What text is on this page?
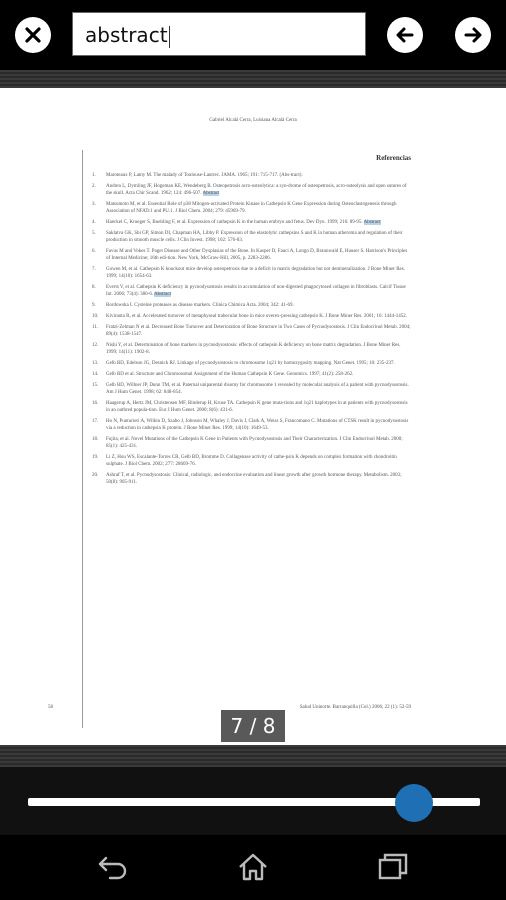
abstract
Gabriel Alcalá Cerra, Luisiana Alcalá Cerra
Referencias
1. Maroteaux P, Lamy M. The malady of Toulouse-Lautrec. JAMA. 1965; 191: 715-717. (Abs-tract).
2. Andren L, Dymling JF, Hogeman KE, Wendeberg B. Osteopetrosis acro-osteolytica: a syn-drome of osteopetrosis, acro-osteolysis and open sutures of the skull. Acta Chir Scand. 1962; 124: 496-507. Abstract
3. Matsumoto M, et al. Essential Role of p38 Mitogen-activated Protein Kinase in Cathepsin K Gene Expression during Osteoclastogenesis through Association of NFATc1 and PU.1. J Biol Chem. 2004; 279: 45969-79.
4. Haeckel C, Krueger S, Buehling F, et al. Expression of cathepsin K in the human embryo and fetus. Dev Dyn. 1999; 216: 89-95. Abstract
5. Saklatva GK, Shi GP, Simon DI, Chapman HA, Libby P. Expression of the elastolytic cathepsins S and K in human atheroma and regulation of their production in smooth muscle cells. J Clin Invest. 1998; 102: 576-83.
6. Favus M and Vokes T. Paget Disease and Other Dysplasias of the Bone. In Kasper D, Fauci A, Longo D, Braunwald E, Hauser S. Harrison's Principles of Internal Medicine; 16th edi-tion. New York, McGraw-Hill, 2005, p. 2283-2286.
7. Gowen M, et al. Cathepsin K knockout mice develop osteopetrosis due to a deficit in matrix degradation but not demineralization. J Bone Miner Res. 1999; 14(10): 1654-63.
8. Everts V, et al. Cathepsin K deficiency in pycnodysostosis results in accumulation of non-digested phagocytosed collagen in fibroblasts. Calcif Tissue Int. 2006; 73(4): 380-6. Abstract
9. Bordowska I. Cysteine proteases as disease markers. Clinica Chimica Acta. 2004; 342: 41-69.
10. Kiviranta R, et al. Accelerated turnover of metaphyseal trabecular bone in mice overex-pressing cathepsin K. J Bone Miner Res. 2001; 16: 1444-1452.
11. Fratzl-Zelman N et al. Decreased Bone Turnover and Deterioration of Bone Structure in Two Cases of Pycnodysostosis. J Clin Endocrinol Metab. 2004; 89(4): 1538-1547.
12. Nishi Y, et al. Determination of bone markers in pycnodysostosis: effects of cathepsin K deficiency on bone matrix degradation. J Bone Miner Res. 1999; 14(11): 1902-8.
13. Gelb BD, Edelson JG, Desnick RJ. Linkage of pycnodysostosis to chromosome 1q21 by homozygosity mapping. Nat Genet. 1995; 10: 235-237.
14. Gelb BD et al. Structure and Chromosomal Assignment of the Human Cathepsin K Gene. Genomics. 1997; 41(2): 258-262.
15. Gelb BD, Willner JP, Dunn TM, et al. Paternal uniparental disomy for chromosome 1 revealed by molecular analysis of a patient with pycnodysostosis. Am J Hum Genet. 1998; 62: 848-854.
16. Haagerup A, Hertz JM, Christensen MF, Binderup H, Kruse TA. Cathepsin K gene muta-tions and 1q21 haplotypes in at patients with pycnodysostosis in an outbred popula-tion. Eur J Hum Genet. 2000; 8(6): 431-6.
17. Ho N, Punturieri A, Wilkin D, Szabo J, Johnson M, Whaley J, Davis J, Clark A, Weiss S, Francomano C. Mutations of CTSK result in pycnodysostosis via a reduction in cathepsin K protein. J Bone Miner Res. 1999; 14(10): 1649-53.
18. Fujita, et al. Novel Mutations of the Cathepsin K Gene in Patients with Pycnodysostosis and Their Characterization. J Clin Endocrinol Metab. 2000; 85(1): 425-431.
19. Li Z, Hou WS, Escalante-Torres CR, Gelb BD, Bromme D. Collagenase activity of cathe-psin K depends on complex formation with chondroitin sulphate. J Biol Chem. 2002; 277: 28669-76.
20. Ashraf T, et al. Pycnodysostosis: Clinical, radiologic, and endocrine evaluation and linear growth after growth hormone therapy. Metabolism. 2003; 50(8): 905-911.
58	Salud Uninorte. Barranquilla (Col.) 2006; 22 (1): 52-59
7 / 8
